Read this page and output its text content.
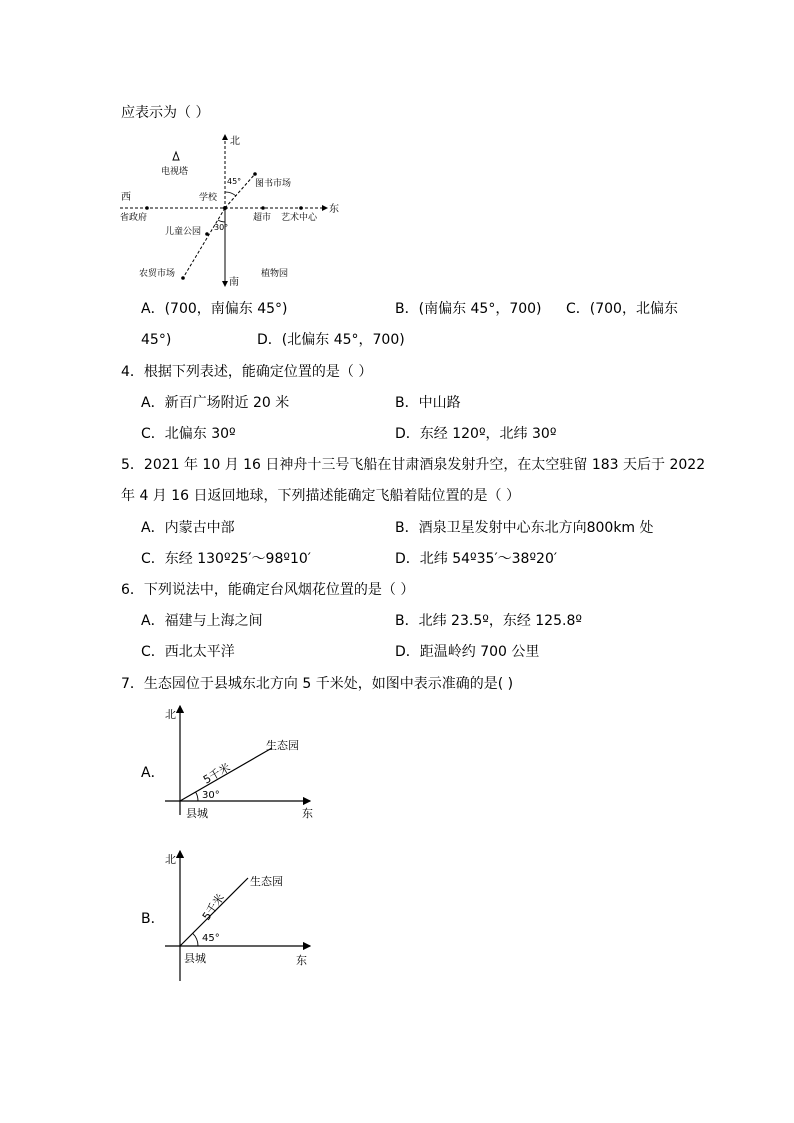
应表示为（ ）
北
南
东
西
电视塔
学校
图书市场
省政府	超市 艺术中心
儿童公园
农贸市场	植物园
45°
30°
A．(700，南偏东 45°)	B．(南偏东 45°，700) C．(700，北偏东
45°)	D．(北偏东 45°，700)
4．根据下列表述，能确定位置的是（ ）
A．新百广场附近 20 米	B．中山路
C．北偏东 30º	D．东经 120º，北纬 30º
5．2021 年 10 月 16 日神舟十三号飞船在甘肃酒泉发射升空，在太空驻留 183 天后于 2022
年 4 月 16 日返回地球，下列描述能确定飞船着陆位置的是（ ）
A．内蒙古中部	B．酒泉卫星发射中心东北方向800km 处
C．东经 130º25′～98º10′	D．北纬 54º35′～38º20′
6．下列说法中，能确定台风烟花位置的是（ ）
A．福建与上海之间	B．北纬 23.5º，东经 125.8º
C．西北太平洋	D．距温岭约 700 公里
7．生态园位于县城东北方向 5 千米处，如图中表示准确的是( )
A．
北
东
县城
生态园
5千米
30°
B．
北
东
县城
生态园
5千米
45°
